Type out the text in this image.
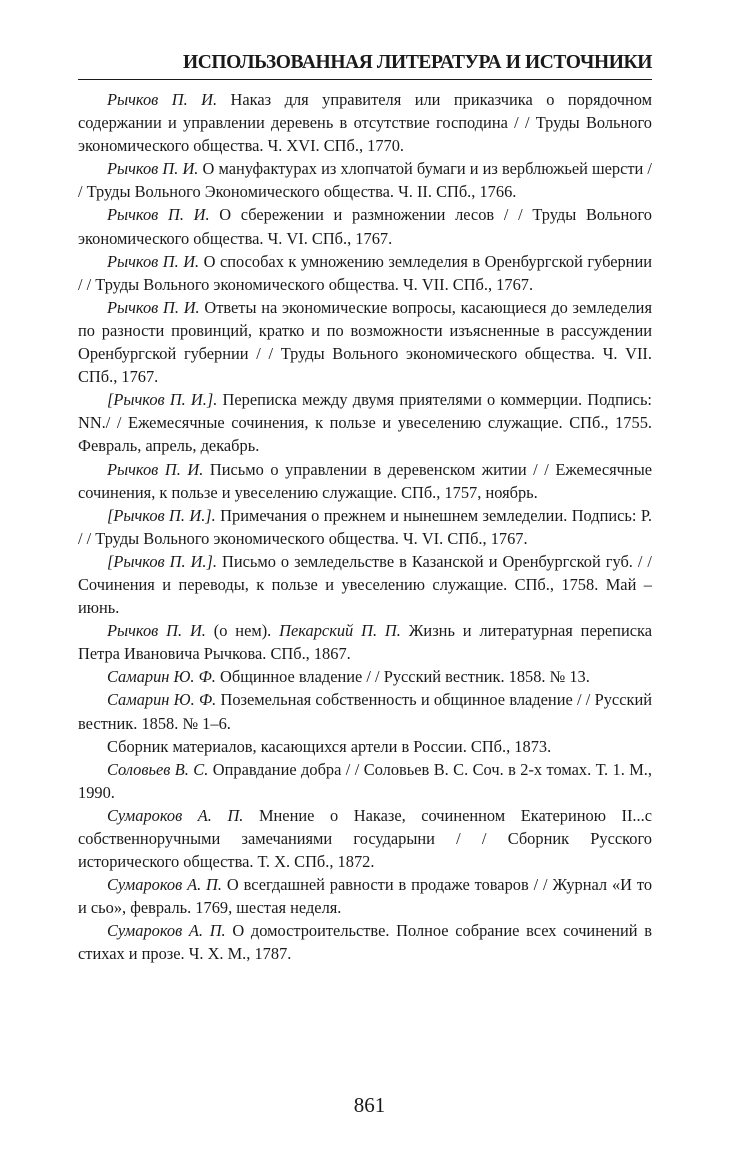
ИСПОЛЬЗОВАННАЯ ЛИТЕРАТУРА И ИСТОЧНИКИ

Рычков П. И. Наказ для управителя или приказчика о порядочном содержании и управлении деревень в отсутствие господина / / Труды Вольного экономического общества. Ч. XVI. СПб., 1770.

Рычков П. И. О мануфактурах из хлопчатой бумаги и из верблюжьей шерсти / / Труды Вольного Экономического общества. Ч. II. СПб., 1766.

Рычков П. И. О сбережении и размножении лесов / / Труды Вольного экономического общества. Ч. VI. СПб., 1767.

Рычков П. И. О способах к умножению земледелия в Оренбургской губернии / / Труды Вольного экономического общества. Ч. VII. СПб., 1767.

Рычков П. И. Ответы на экономические вопросы, касающиеся до земледелия по разности провинций, кратко и по возможности изъясненные в рассуждении Оренбургской губернии / / Труды Вольного экономического общества. Ч. VII. СПб., 1767.

[Рычков П. И.]. Переписка между двумя приятелями о коммерции. Подпись: NN./ / Ежемесячные сочинения, к пользе и увеселению служащие. СПб., 1755. Февраль, апрель, декабрь.

Рычков П. И. Письмо о управлении в деревенском житии / / Ежемесячные сочинения, к пользе и увеселению служащие. СПб., 1757, ноябрь.

[Рычков П. И.]. Примечания о прежнем и нынешнем земледелии. Подпись: Р. / / Труды Вольного экономического общества. Ч. VI. СПб., 1767.

[Рычков П. И.]. Письмо о земледельстве в Казанской и Оренбургской губ. / / Сочинения и переводы, к пользе и увеселению служащие. СПб., 1758. Май – июнь.

Рычков П. И. (о нем). Пекарский П. П. Жизнь и литературная переписка Петра Ивановича Рычкова. СПб., 1867.

Самарин Ю. Ф. Общинное владение / / Русский вестник. 1858. № 13.

Самарин Ю. Ф. Поземельная собственность и общинное владение / / Русский вестник. 1858. № 1–6.

Сборник материалов, касающихся артели в России. СПб., 1873.

Соловьев В. С. Оправдание добра / / Соловьев В. С. Соч. в 2-х томах. Т. 1. М., 1990.

Сумароков А. П. Мнение о Наказе, сочиненном Екатериною II...с собственноручными замечаниями государыни / / Сборник Русского исторического общества. Т. X. СПб., 1872.

Сумароков А. П. О всегдашней равности в продаже товаров / / Журнал «И то и сьо», февраль. 1769, шестая неделя.

Сумароков А. П. О домостроительстве. Полное собрание всех сочинений в стихах и прозе. Ч. X. М., 1787.

861
